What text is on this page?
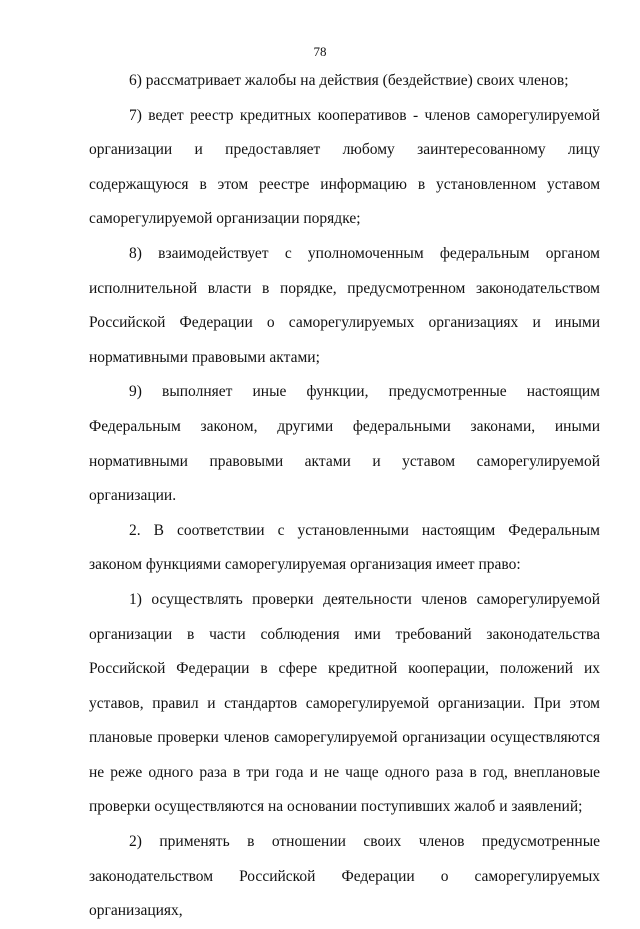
78

6) рассматривает жалобы на действия (бездействие) своих членов;

7) ведет реестр кредитных кооперативов - членов саморегулируемой организации и предоставляет любому заинтересованному лицу содержащуюся в этом реестре информацию в установленном уставом саморегулируемой организации порядке;

8) взаимодействует с уполномоченным федеральным органом исполнительной власти в порядке, предусмотренном законодательством Российской Федерации о саморегулируемых организациях и иными нормативными правовыми актами;

9) выполняет иные функции, предусмотренные настоящим Федеральным законом, другими федеральными законами, иными нормативными правовыми актами и уставом саморегулируемой организации.

2. В соответствии с установленными настоящим Федеральным законом функциями саморегулируемая организация имеет право:

1) осуществлять проверки деятельности членов саморегулируемой организации в части соблюдения ими требований законодательства Российской Федерации в сфере кредитной кооперации, положений их уставов, правил и стандартов саморегулируемой организации. При этом плановые проверки членов саморегулируемой организации осуществляются не реже одного раза в три года и не чаще одного раза в год, внеплановые проверки осуществляются на основании поступивших жалоб и заявлений;

2) применять в отношении своих членов предусмотренные законодательством Российской Федерации о саморегулируемых организациях,
